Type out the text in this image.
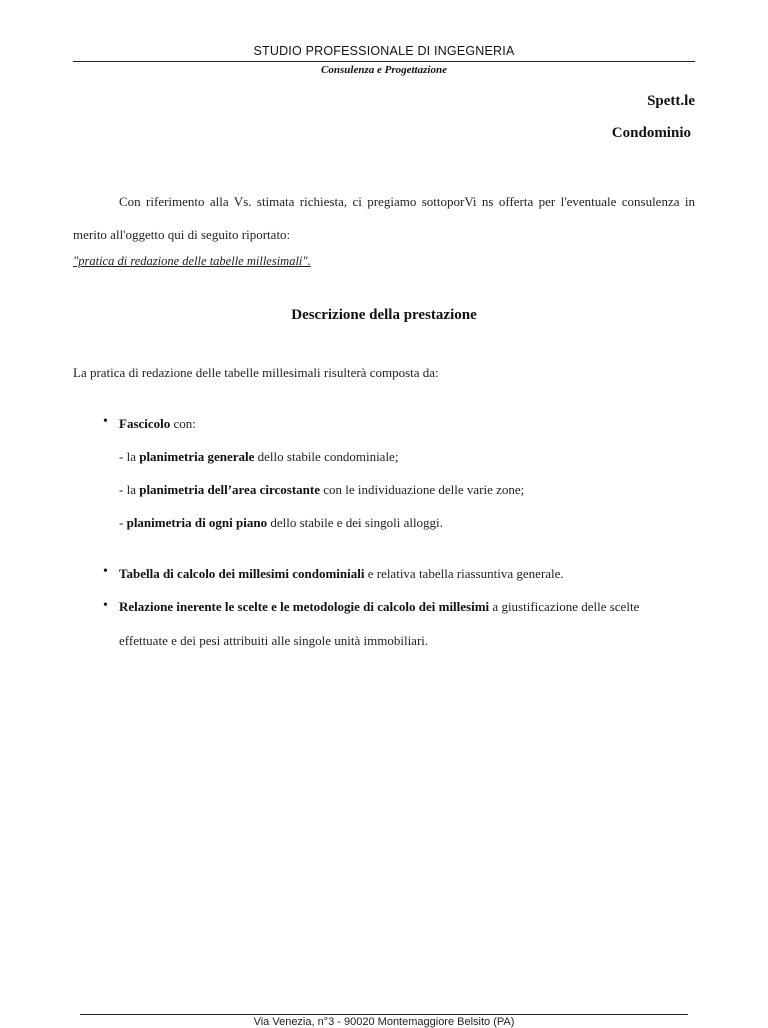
STUDIO PROFESSIONALE DI INGEGNERIA
Consulenza e Progettazione
Spett.le
Condominio
Con riferimento alla Vs. stimata richiesta, ci pregiamo sottoporVi ns offerta per l'eventuale consulenza in merito all'oggetto qui di seguito riportato:
"pratica di redazione delle tabelle millesimali".
Descrizione della prestazione
La pratica di redazione delle tabelle millesimali risulterà composta da:
• Fascicolo con:
- la planimetria generale dello stabile condominiale;
- la planimetria dell’area circostante con le individuazione delle varie zone;
- planimetria di ogni piano dello stabile e dei singoli alloggi.
• Tabella di calcolo dei millesimi condominiali e relativa tabella riassuntiva generale.
• Relazione inerente le scelte e le metodologie di calcolo dei millesimi a giustificazione delle scelte
effettuate e dei pesi attribuiti alle singole unità immobiliari.
Via Venezia, n°3 - 90020 Montemaggiore Belsito (PA)
